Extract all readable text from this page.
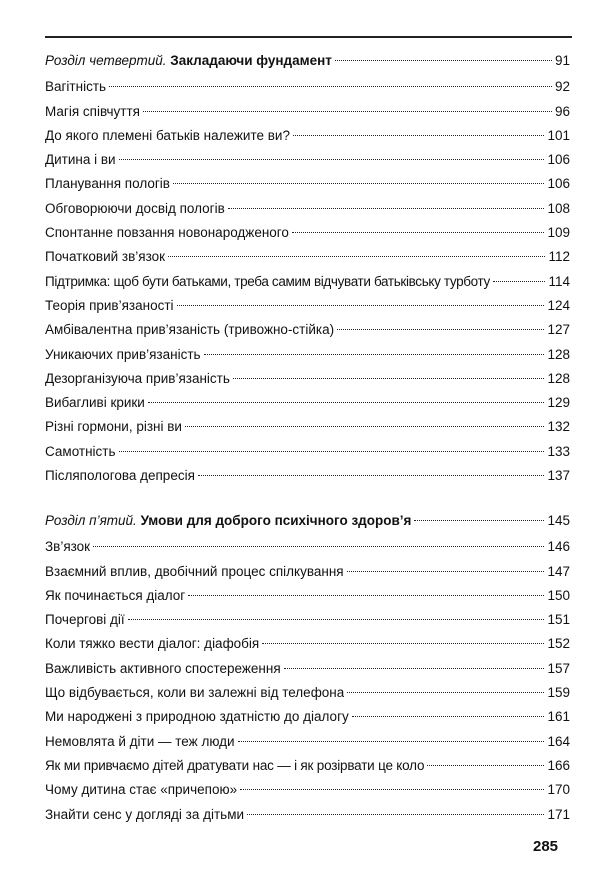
Розділ четвертий. Закладаючи фундамент	91
Вагітність	92
Магія співчуття	96
До якого племені батьків належите ви?	101
Дитина і ви	106
Планування пологів	106
Обговорюючи досвід пологів	108
Спонтанне повзання новонародженого	109
Початковий зв’язок	112
Підтримка: щоб бути батьками, треба самим відчувати батьківську турботу	114
Теорія прив’язаності	124
Амбівалентна прив’язаність (тривожно-стійка)	127
Уникаючих прив’язаність	128
Дезорганізуюча прив’язаність	128
Вибагливі крики	129
Різні гормони, різні ви	132
Самотність	133
Післяпологова депресія	137
Розділ п’ятий. Умови для доброго психічного здоров’я	145
Зв’язок	146
Взаємний вплив, двобічний процес спілкування	147
Як починається діалог	150
Почергові дії	151
Коли тяжко вести діалог: діафобія	152
Важливість активного спостереження	157
Що відбувається, коли ви залежні від телефона	159
Ми народжені з природною здатністю до діалогу	161
Немовлята й діти — теж люди	164
Як ми привчаємо дітей дратувати нас — і як розірвати це коло	166
Чому дитина стає «причепою»	170
Знайти сенс у догляді за дітьми	171
285
